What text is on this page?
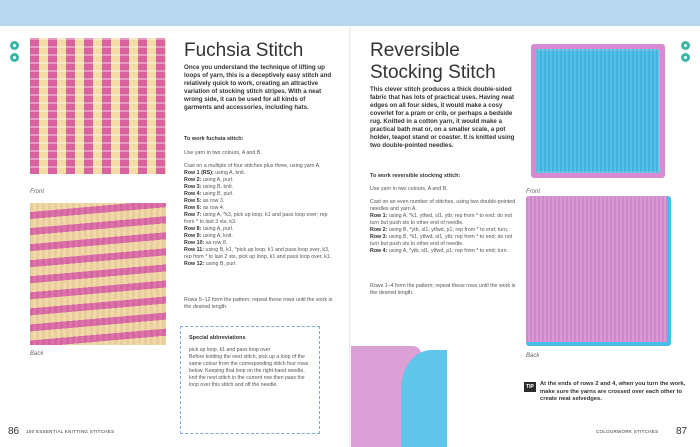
Front
Back
Fuchsia Stitch
Once you understand the technique of lifting up loops of yarn, this is a deceptively easy stitch and relatively quick to work, creating an attractive variation of stocking stitch stripes. With a neat wrong side, it can be used for all kinds of garments and accessories, including hats.
To work fuchsia stitch:
Use yarn in two colours, A and B.
Cast on a multiple of four stitches plus three, using yarn A.
Row 1 (RS): using A, knit.
Row 2: using A, purl.
Row 3: using B, knit.
Row 4: using B, purl.
Row 5: as row 3.
Row 6: as row 4.
Row 7: using A, *k3, pick up loop, k1 and pass loop over; rep from * to last 3 sts, k3.
Row 8: using A, purl.
Row 9: using A, knit.
Row 10: as row 8.
Row 11: using B, k1, *pick up loop, k1 and pass loop over, k3, rep from * to last 2 sts, pick up loop, k1 and pass loop over, k1.
Row 12: using B, purl.
Rows 5–12 form the pattern; repeat these rows until the work is the desired length.
Special abbreviations
pick up loop, k1 and pass loop over
Before knitting the next stitch, pick up a loop of the same colour from the corresponding stitch four rows below. Keeping that loop on the right-hand needle, knit the next stitch in the current row then pass the loop over this stitch and off the needle.
86 100 ESSENTIAL KNITTING STITCHES
Reversible
Stocking Stitch
This clever stitch produces a thick double-sided fabric that has lots of practical uses. Having neat edges on all four sides, it would make a cosy coverlet for a pram or crib, or perhaps a bedside rug. Knitted in a cotton yarn, it would make a practical bath mat or, on a smaller scale, a pot holder, teapot stand or coaster. It is knitted using two double-pointed needles.
To work reversible stocking stitch:
Use yarn in two colours, A and B.
Cast on an even number of stitches, using two double-pointed needles and yarn A.
Row 1: using A, *k1, ytfwd, sl1, ytb; rep from * to end; do not turn but push sts to other end of needle.
Row 2: using B, *ytb, sl1, ytfwd, p1; rep from * to end; turn.
Row 3: using B, *k1, ytfwd, sl1, ytb; rep from * to end; do not turn but push sts to other end of needle.
Row 4: using A, *ytb, sl1, ytfwd, p1; rep from * to end; turn.
Rows 1–4 form the pattern; repeat these rows until the work is the desired length.
Front
Back
TIP	At the ends of rows 2 and 4, when you turn the work, make sure the yarns are crossed over each other to create neat selvedges.
COLOURWORK STITCHES 87
